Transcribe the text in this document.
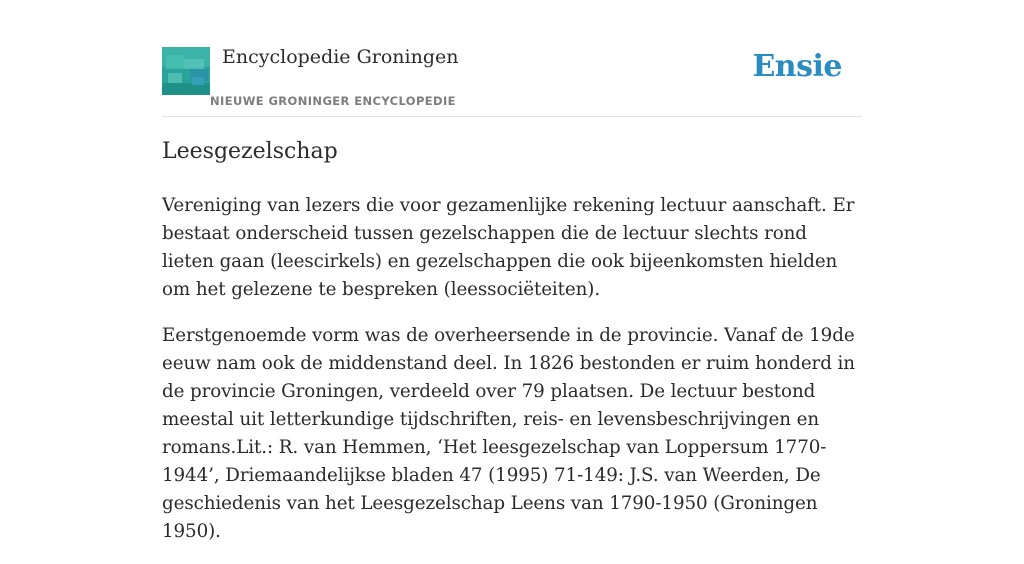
Encyclopedie Groningen
NIEUWE GRONINGER ENCYCLOPEDIE
Ensie
Leesgezelschap

Vereniging van lezers die voor gezamenlijke rekening lectuur aanschaft. Er bestaat onderscheid tussen gezelschappen die de lectuur slechts rond lieten gaan (leescirkels) en gezelschappen die ook bijeenkomsten hielden om het gelezene te bespreken (leessociëteiten).

Eerstgenoemde vorm was de overheersende in de provincie. Vanaf de 19de eeuw nam ook de middenstand deel. In 1826 bestonden er ruim honderd in de provincie Groningen, verdeeld over 79 plaatsen. De lectuur bestond meestal uit letterkundige tijdschriften, reis- en levensbeschrijvingen en romans.Lit.: R. van Hemmen, ‘Het leesgezelschap van Loppersum 1770-1944’, Driemaandelijkse bladen 47 (1995) 71-149: J.S. van Weerden, De geschiedenis van het Leesgezelschap Leens van 1790-1950 (Groningen 1950).
